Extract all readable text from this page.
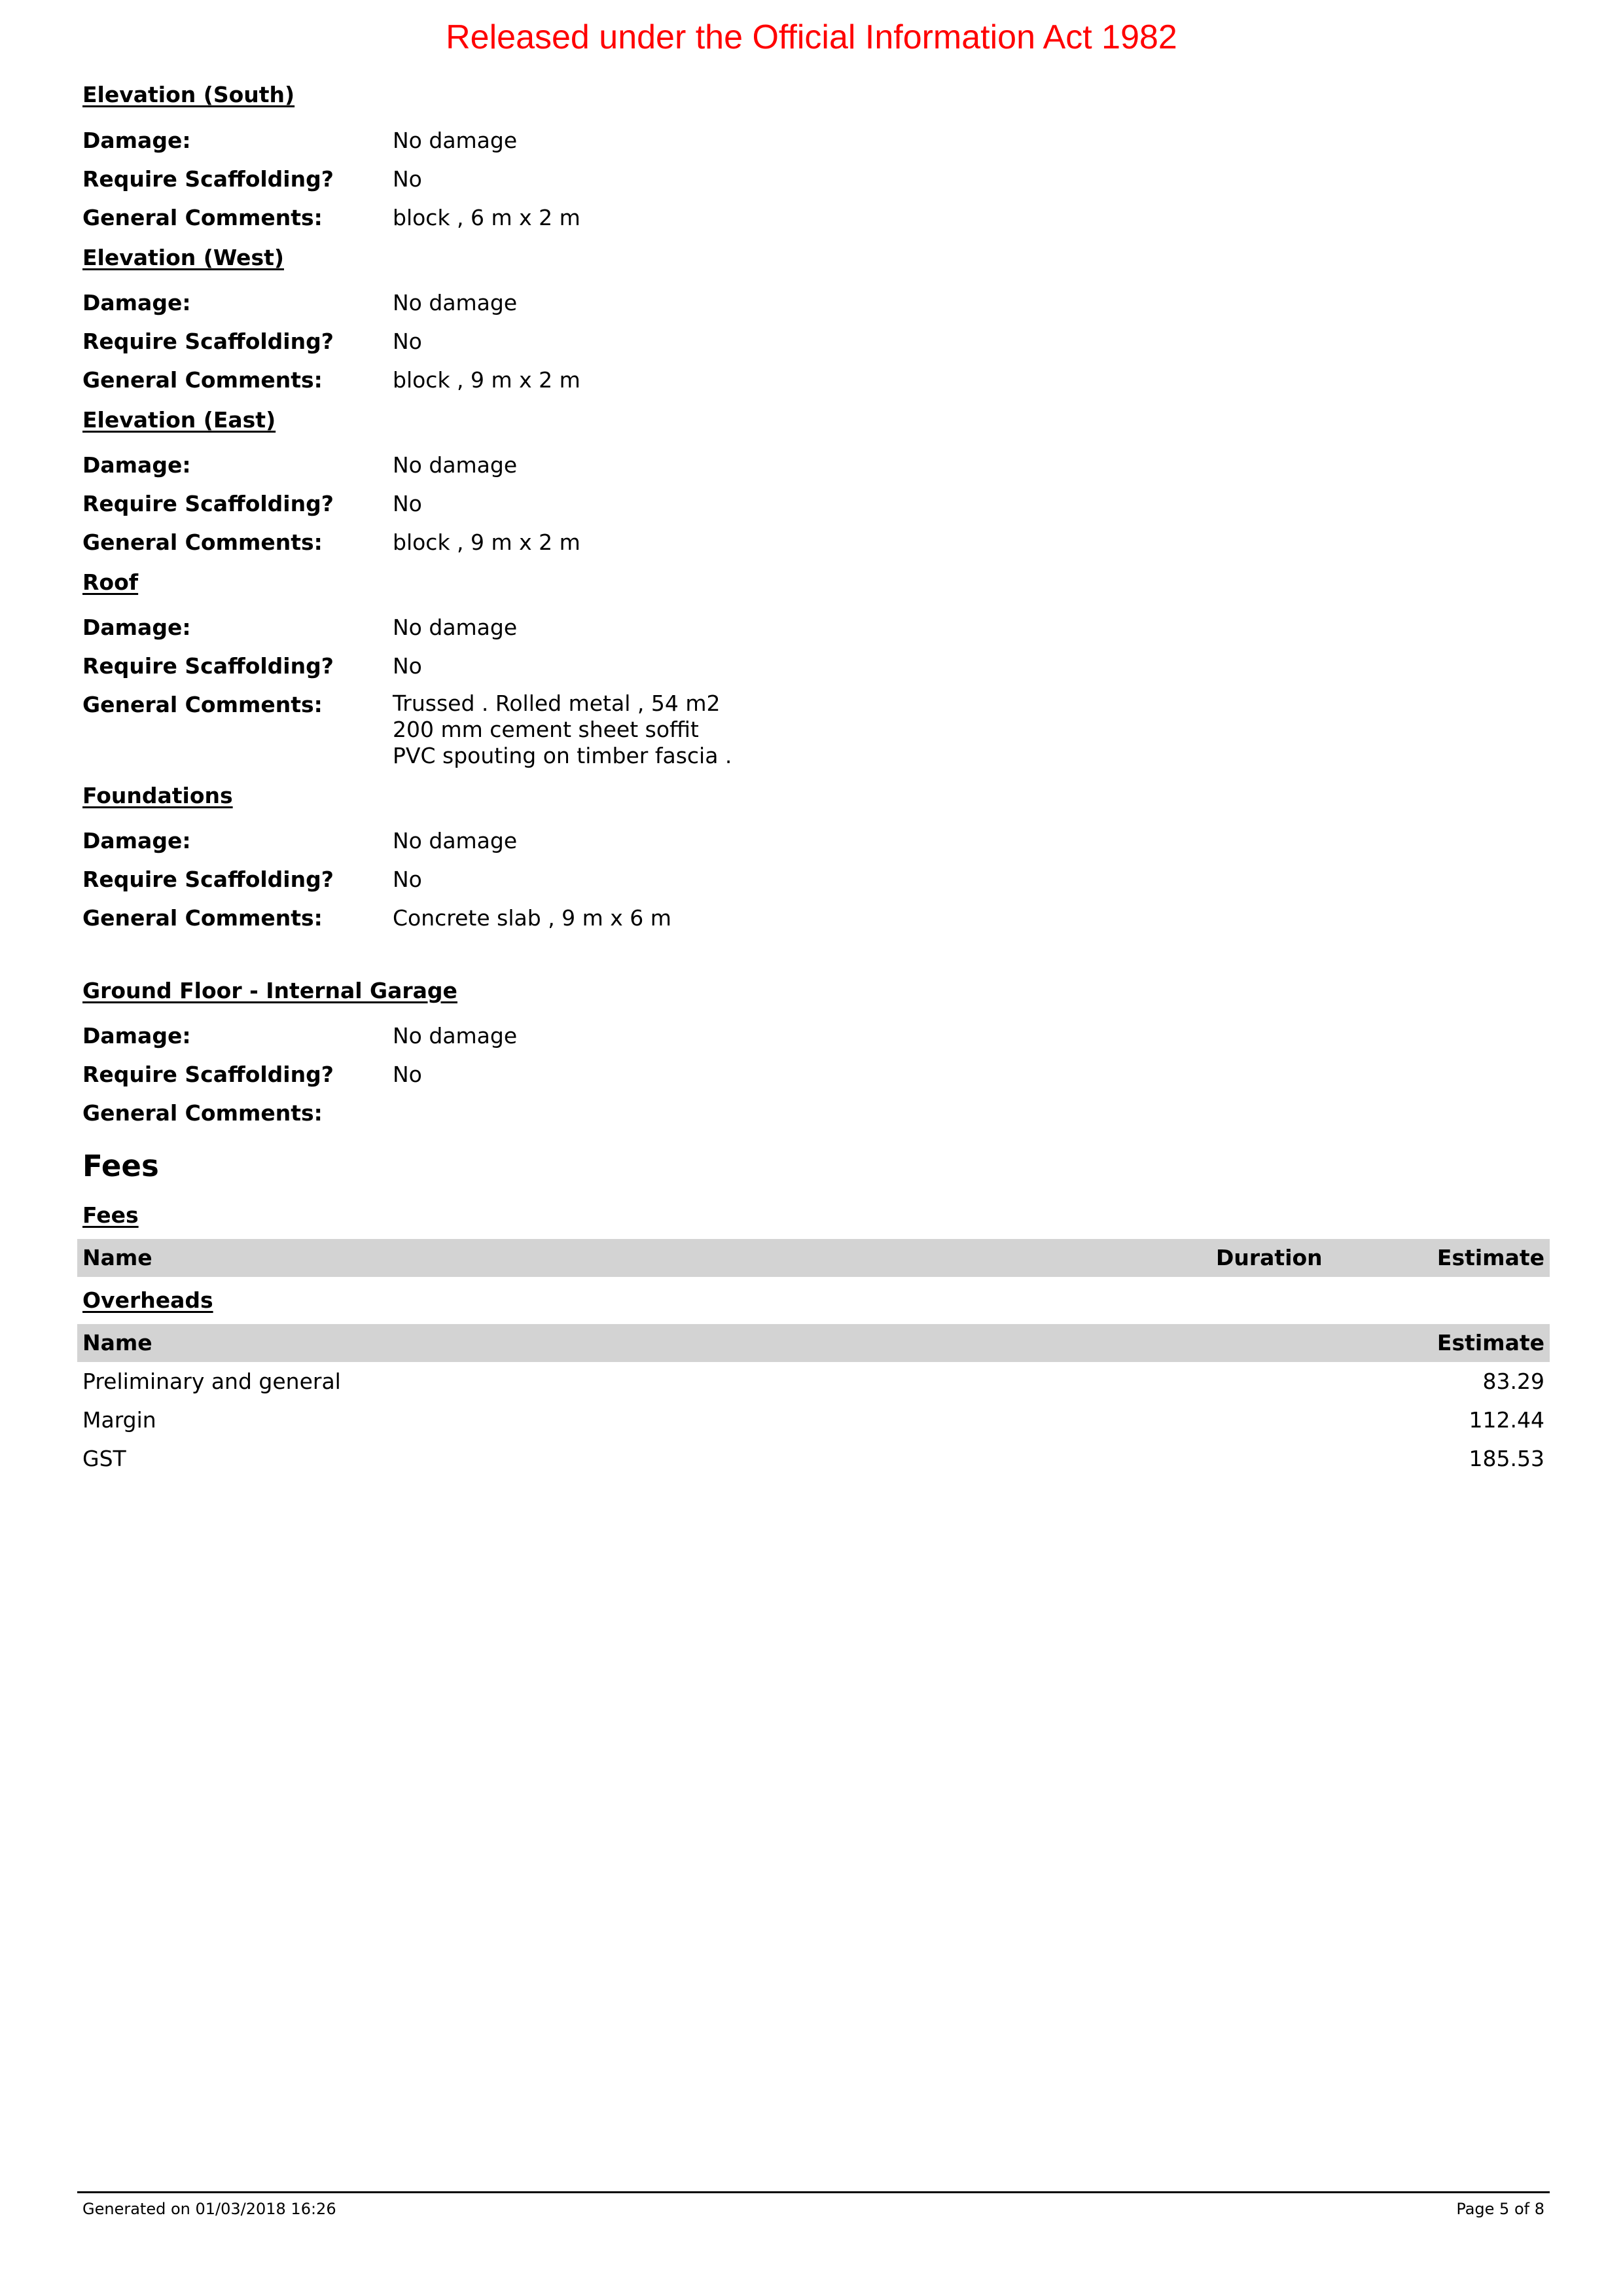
Released under the Official Information Act 1982
Elevation (South)
Damage:	No damage
Require Scaffolding?	No
General Comments:	block , 6 m x 2 m
Elevation (West)
Damage:	No damage
Require Scaffolding?	No
General Comments:	block , 9 m x 2 m
Elevation (East)
Damage:	No damage
Require Scaffolding?	No
General Comments:	block , 9 m x 2 m
Roof
Damage:	No damage
Require Scaffolding?	No
General Comments:	Trussed . Rolled metal , 54 m2
200 mm cement sheet soffit
PVC spouting on timber fascia .
Foundations
Damage:	No damage
Require Scaffolding?	No
General Comments:	Concrete slab , 9 m x 6 m
Ground Floor - Internal Garage
Damage:	No damage
Require Scaffolding?	No
General Comments:
Fees
Fees
Name	Duration	Estimate
Overheads
Name	Estimate
Preliminary and general	83.29
Margin	112.44
GST	185.53
Generated on 01/03/2018 16:26	Page 5 of 8
